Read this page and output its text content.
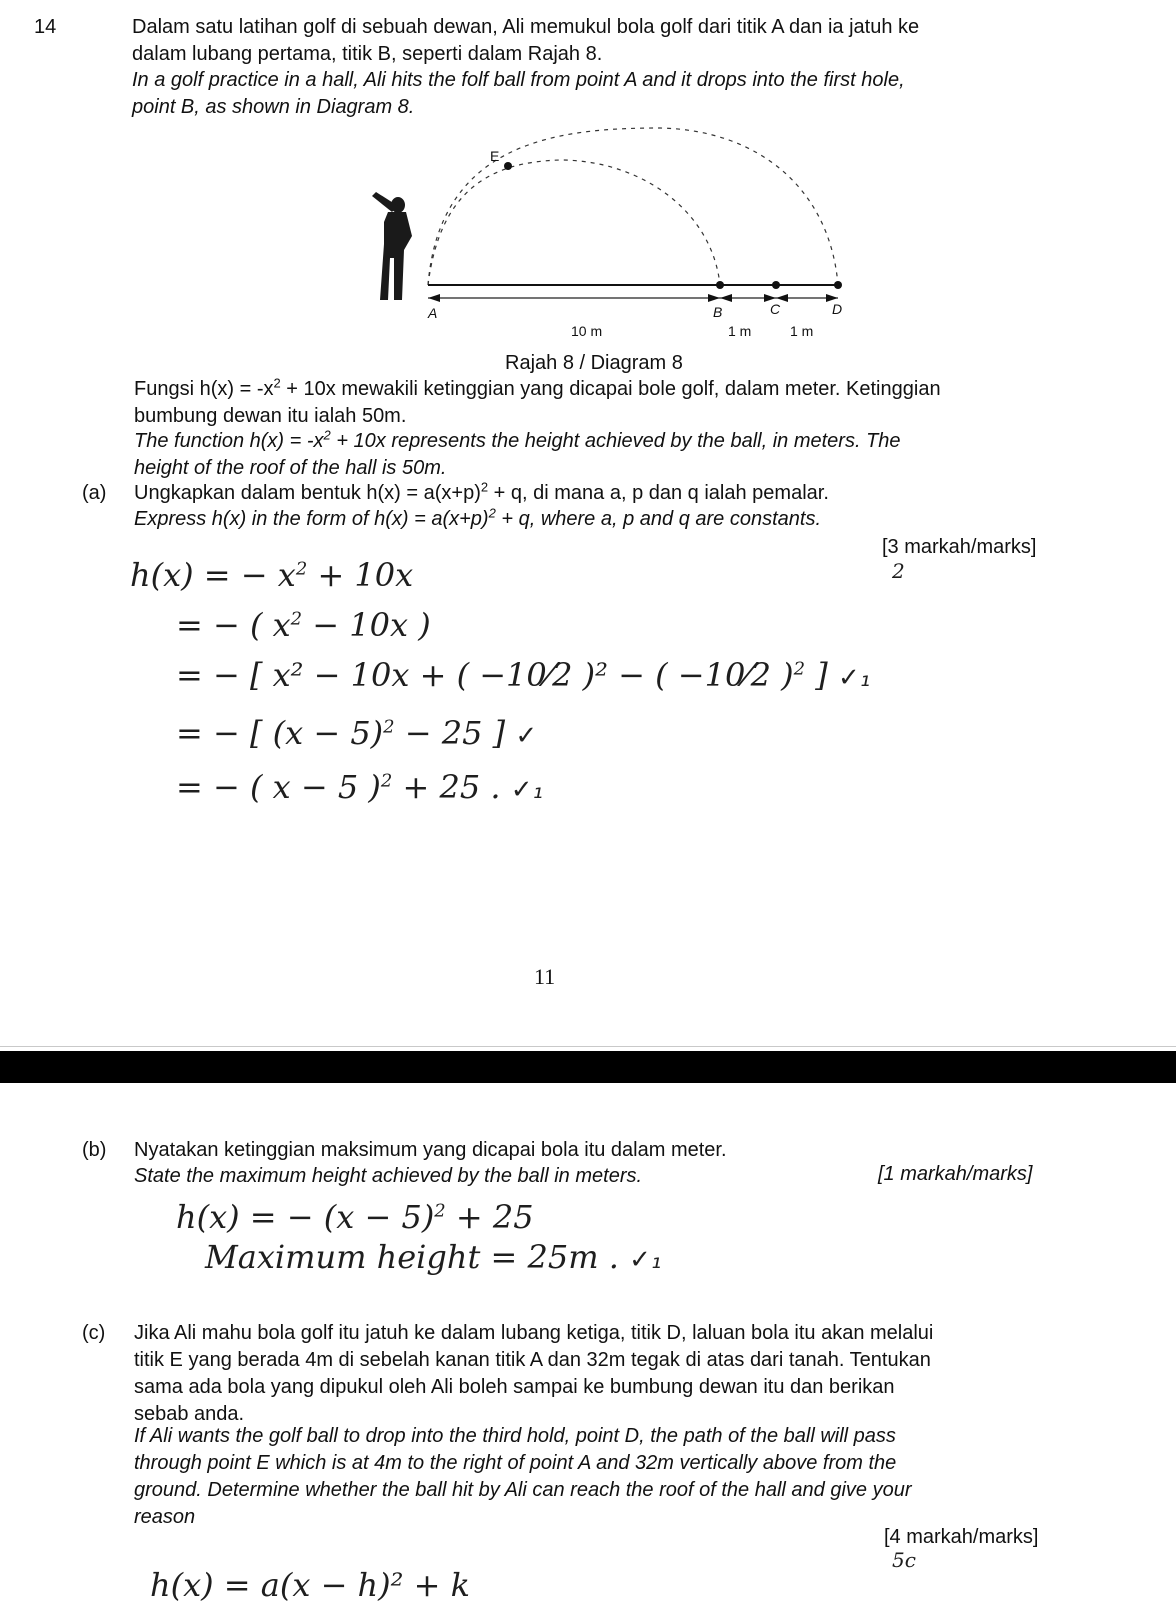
14	Dalam satu latihan golf di sebuah dewan, Ali memukul bola golf dari titik A dan ia jatuh ke
dalam lubang pertama, titik B, seperti dalam Rajah 8.
In a golf practice in a hall, Ali hits the folf ball from point A and it drops into the first hole,
point B, as shown in Diagram 8.
E
A	B	C	D
10 m	1 m	1 m
Rajah 8 / Diagram 8
Fungsi $h(x) = -x^2 + 10x$ mewakili ketinggian yang dicapai bole golf, dalam meter. Ketinggian
bumbung dewan itu ialah 50m.
The function $h(x) = -x^2 + 10x$ represents the height achieved by the ball, in meters. The
height of the roof of the hall is 50m.
(a) Ungkapkan dalam bentuk $h(x) = a(x+p)^2 + q$, di mana a, p dan q ialah pemalar.
Express h(x) in the form of $h(x) = a(x+p)^2 + q$, where a, p and q are constants.
[3 markah/marks]
2
h(x) = − $x^2 + 10x$
= − ( $x^2 - 10x$ )
= − [ x² − 10x + ( −10⁄2 )² − ( −10⁄2 )$^2$ ] ✓₁
= − [ $(x - 5)^2 - 25$ ] ✓
= − ( x − 5 )$^2$ + 25 . ✓₁
11
(b) Nyatakan ketinggian maksimum yang dicapai bola itu dalam meter.
State the maximum height achieved by the ball in meters.	[1 markah/marks]
h(x) = − $(x - 5)^2 + 25$
Maximum height = 25m . ✓₁
(c) Jika Ali mahu bola golf itu jatuh ke dalam lubang ketiga, titik D, laluan bola itu akan melalui
titik E yang berada 4m di sebelah kanan titik A dan 32m tegak di atas dari tanah. Tentukan
sama ada bola yang dipukul oleh Ali boleh sampai ke bumbung dewan itu dan berikan
sebab anda.
If Ali wants the golf ball to drop into the third hold, point D, the path of the ball will pass
through point E which is at 4m to the right of point A and 32m vertically above from the
ground. Determine whether the ball hit by Ali can reach the roof of the hall and give your
reason
[4 markah/marks]
5c
h(x) = a(x − h)² + k
